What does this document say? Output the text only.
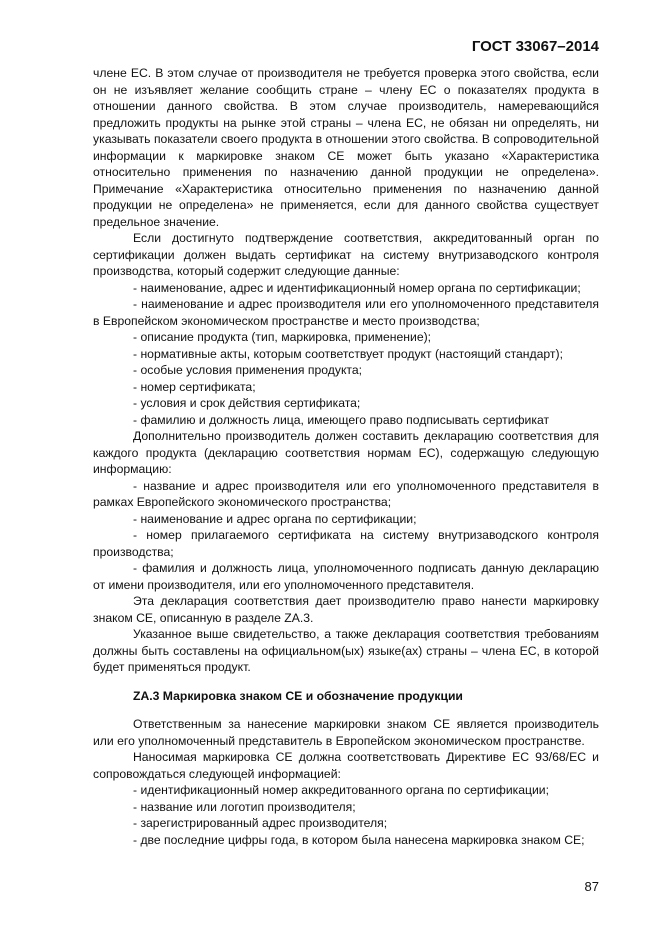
ГОСТ 33067–2014

члене ЕС. В этом случае от производителя не требуется проверка этого свойства, если он не изъявляет желание сообщить стране – члену ЕС о показателях продукта в отношении данного свойства. В этом случае производитель, намеревающийся предложить продукты на рынке этой страны – члена ЕС, не обязан ни определять, ни указывать показатели своего продукта в отношении этого свойства. В сопроводительной информации к маркировке знаком CE может быть указано «Характеристика относительно применения по назначению данной продукции не определена». Примечание «Характеристика относительно применения по назначению данной продукции не определена» не применяется, если для данного свойства существует предельное значение.

Если достигнуто подтверждение соответствия, аккредитованный орган по сертификации должен выдать сертификат на систему внутризаводского контроля производства, который содержит следующие данные:

- наименование, адрес и идентификационный номер органа по сертификации;

- наименование и адрес производителя или его уполномоченного представителя в Европейском экономическом пространстве и место производства;

- описание продукта (тип, маркировка, применение);

- нормативные акты, которым соответствует продукт (настоящий стандарт);

- особые условия применения продукта;

- номер сертификата;

- условия и срок действия сертификата;

- фамилию и должность лица, имеющего право подписывать сертификат

Дополнительно производитель должен составить декларацию соответствия для каждого продукта (декларацию соответствия нормам ЕС), содержащую следующую информацию:

- название и адрес производителя или его уполномоченного представителя в рамках Европейского экономического пространства;

- наименование и адрес органа по сертификации;

- номер прилагаемого сертификата на систему внутризаводского контроля производства;

- фамилия и должность лица, уполномоченного подписать данную декларацию от имени производителя, или его уполномоченного представителя.

Эта декларация соответствия дает производителю право нанести маркировку знаком CE, описанную в разделе ZA.3.

Указанное выше свидетельство, а также декларация соответствия требованиям должны быть составлены на официальном(ых) языке(ах) страны – члена ЕС, в которой будет применяться продукт.

ZA.3 Маркировка знаком CE и обозначение продукции

Ответственным за нанесение маркировки знаком CE является производитель или его уполномоченный представитель в Европейском экономическом пространстве.

Наносимая маркировка CE должна соответствовать Директиве ЕС 93/68/ЕС и сопровождаться следующей информацией:

- идентификационный номер аккредитованного органа по сертификации;

- название или логотип производителя;

- зарегистрированный адрес производителя;

- две последние цифры года, в котором была нанесена маркировка знаком CE;

87
